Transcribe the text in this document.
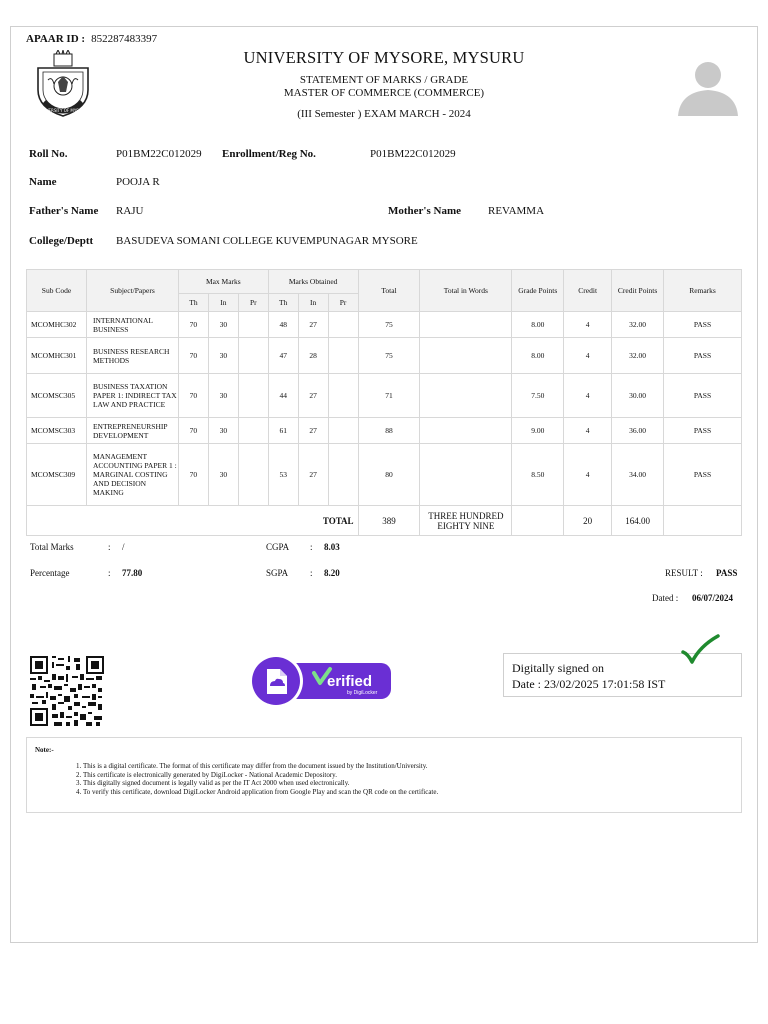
APAAR ID : 852287483397
UNIVERSITY OF MYSORE
UNIVERSITY OF MYSORE, MYSURU
STATEMENT OF MARKS / GRADE
MASTER OF COMMERCE (COMMERCE)
(III Semester ) EXAM MARCH - 2024
Roll No.	P01BM22C012029 Enrollment/Reg No.	P01BM22C012029
Name	POOJA R
Father's Name RAJU	Mother's Name REVAMMA
College/Deptt BASUDEVA SOMANI COLLEGE KUVEMPUNAGAR MYSORE
Sub Code	Subject/Papers	Max Marks			Marks Obtained			Total	Total in Words	Grade Points	Credit	Credit Points	Remarks
		Th	In	Pr	Th	In	Pr						
MCOMHC302	INTERNATIONAL BUSINESS	70	30		48	27		75		8.00	4	32.00	PASS
MCOMHC301	BUSINESS RESEARCH METHODS	70	30		47	28		75		8.00	4	32.00	PASS
MCOMSC305	BUSINESS TAXATION PAPER 1: INDIRECT TAX LAW AND PRACTICE	70	30		44	27		71		7.50	4	30.00	PASS
MCOMSC303	ENTREPRENEURSHIP DEVELOPMENT	70	30		61	27		88		9.00	4	36.00	PASS
MCOMSC309	MANAGEMENT ACCOUNTING PAPER 1 : MARGINAL COSTING AND DECISION MAKING	70	30		53	27		80		8.50	4	34.00	PASS
TOTAL								389	THREE HUNDRED EIGHTY NINE		20	164.00	
Total Marks	: /	CGPA : 8.03
Percentage	: 77.80	SGPA : 8.20	RESULT : PASS
Dated : 06/07/2024
erified
by DigiLocker
Digitally signed on
Date : 23/02/2025 17:01:58 IST
Note:-
1. This is a digital certificate. The format of this certificate may differ from the document issued by the Institution/University.
2. This certificate is electronically generated by DigiLocker - National Academic Depository.
3. This digitally signed document is legally valid as per the IT Act 2000 when used electronically.
4. To verify this certificate, download DigiLocker Android application from Google Play and scan the QR code on the certificate.
